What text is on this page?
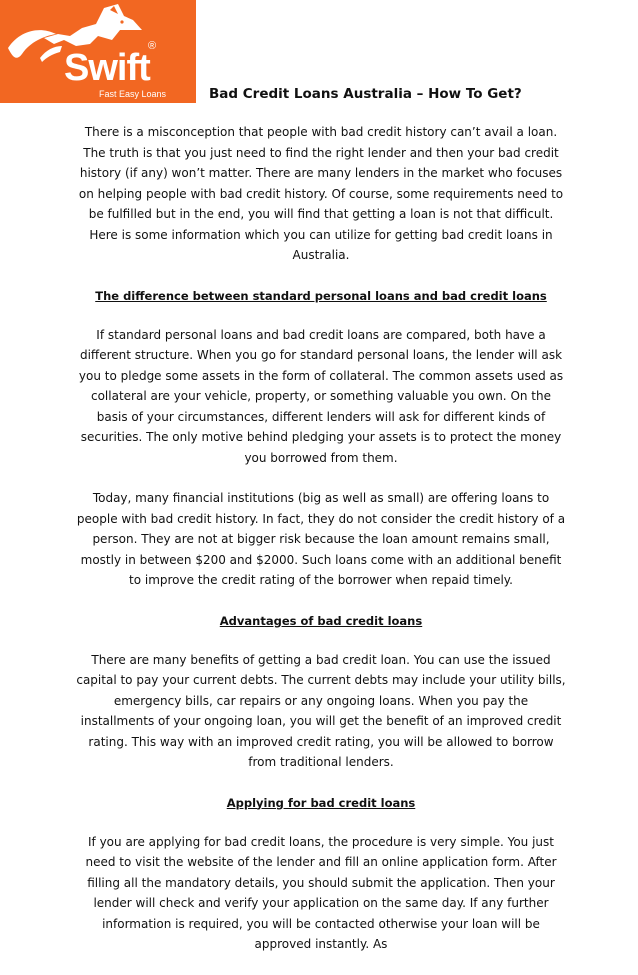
Swift
®
Fast Easy Loans	Bad Credit Loans Australia – How To Get?

There is a misconception that people with bad credit history can’t avail a loan. The truth is that you just need to find the right lender and then your bad credit history (if any) won’t matter. There are many lenders in the market who focuses on helping people with bad credit history. Of course, some requirements need to be fulfilled but in the end, you will find that getting a loan is not that difficult. Here is some information which you can utilize for getting bad credit loans in Australia.

The difference between standard personal loans and bad credit loans

If standard personal loans and bad credit loans are compared, both have a different structure. When you go for standard personal loans, the lender will ask you to pledge some assets in the form of collateral. The common assets used as collateral are your vehicle, property, or something valuable you own. On the basis of your circumstances, different lenders will ask for different kinds of securities. The only motive behind pledging your assets is to protect the money you borrowed from them.

Today, many financial institutions (big as well as small) are offering loans to people with bad credit history. In fact, they do not consider the credit history of a person. They are not at bigger risk because the loan amount remains small, mostly in between $200 and $2000. Such loans come with an additional benefit to improve the credit rating of the borrower when repaid timely.

Advantages of bad credit loans

There are many benefits of getting a bad credit loan. You can use the issued capital to pay your current debts. The current debts may include your utility bills, emergency bills, car repairs or any ongoing loans. When you pay the installments of your ongoing loan, you will get the benefit of an improved credit rating. This way with an improved credit rating, you will be allowed to borrow from traditional lenders.

Applying for bad credit loans

If you are applying for bad credit loans, the procedure is very simple. You just need to visit the website of the lender and fill an online application form. After filling all the mandatory details, you should submit the application. Then your lender will check and verify your application on the same day. If any further information is required, you will be contacted otherwise your loan will be approved instantly. As
